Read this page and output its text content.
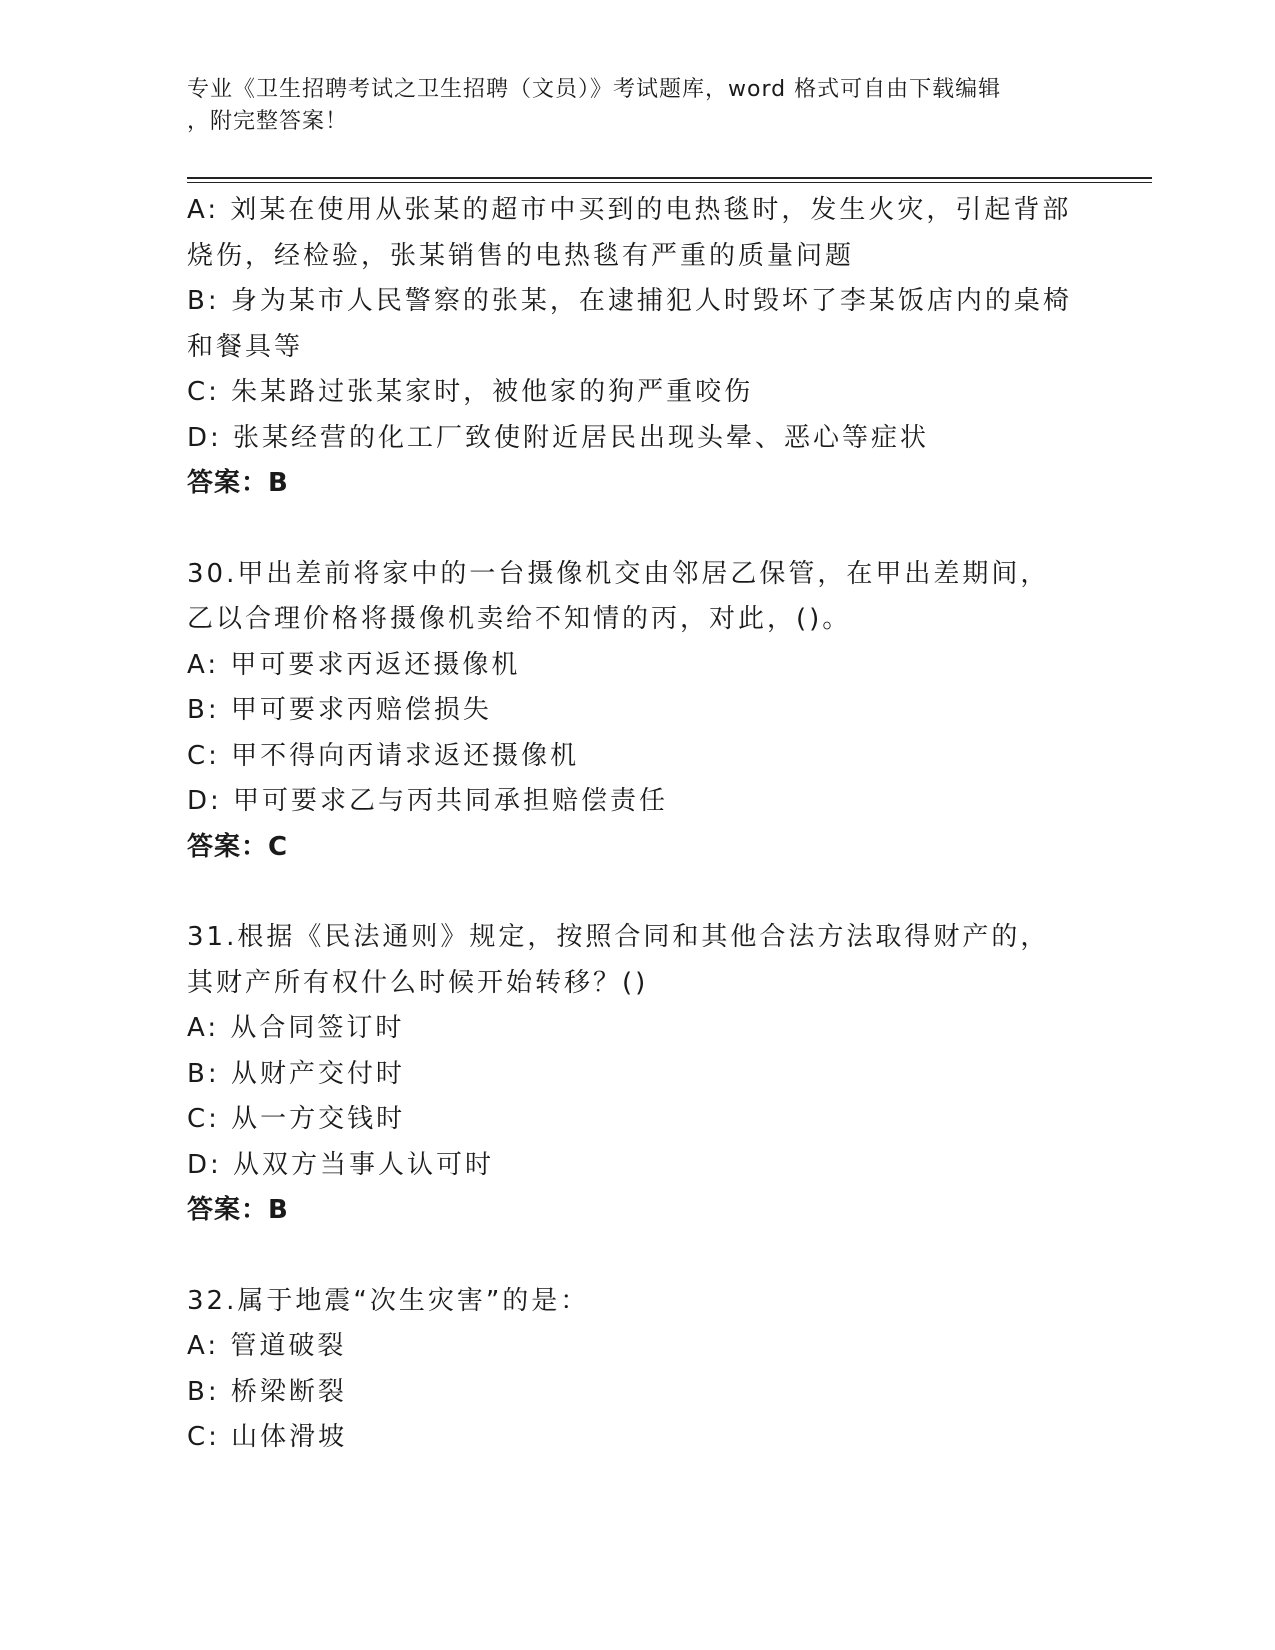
专业《卫生招聘考试之卫生招聘（文员）》考试题库，word 格式可自由下载编辑
，附完整答案！
A: 刘某在使用从张某的超市中买到的电热毯时，发生火灾，引起背部烧伤，经检验，张某销售的电热毯有严重的质量问题
B: 身为某市人民警察的张某，在逮捕犯人时毁坏了李某饭店内的桌椅和餐具等
C: 朱某路过张某家时，被他家的狗严重咬伤
D: 张某经营的化工厂致使附近居民出现头晕、恶心等症状
答案：B
30.甲出差前将家中的一台摄像机交由邻居乙保管，在甲出差期间，乙以合理价格将摄像机卖给不知情的丙，对此，()。
A: 甲可要求丙返还摄像机
B: 甲可要求丙赔偿损失
C: 甲不得向丙请求返还摄像机
D: 甲可要求乙与丙共同承担赔偿责任
答案：C
31.根据《民法通则》规定，按照合同和其他合法方法取得财产的，其财产所有权什么时候开始转移？()
A: 从合同签订时
B: 从财产交付时
C: 从一方交钱时
D: 从双方当事人认可时
答案：B
32.属于地震“次生灾害”的是：
A: 管道破裂
B: 桥梁断裂
C: 山体滑坡
